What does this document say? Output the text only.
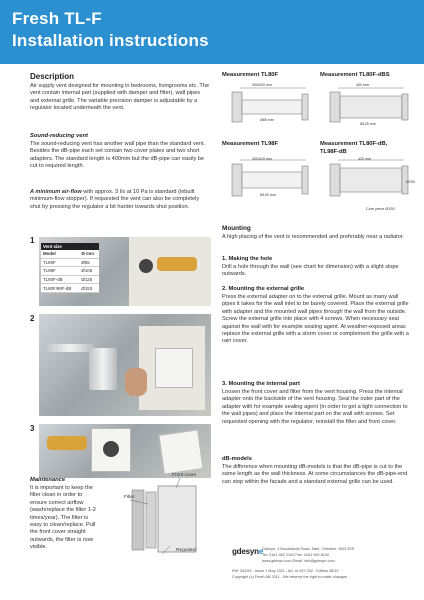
Fresh TL-F
Installation instructions
Description
Air supply vent designed for mounting in bedrooms, livingrooms etc. The vent contain internal part (supplied with damper and filter), wall pipes and external grille. The variable precision damper is adjustable by a regulator located underneath the vent.
Sound-reducing vent
The sound-reducing vent has another wall pipe than the standard vent. Besides the dB-pipe each set contain two cover plates and two short adapters. The standard length is 400mm but the dB-pipe can easily be cut to required length.
A minimum air-flow with approx. 3 l/s at 10 Pa is standard (inbuilt minimum-flow stopper). If requested the vent can also be completely shut by pressing the regulator a bit harder towards shut position.
1
Vent size	
Model	Ø mm
TL80F	Ø85
TL98F	Ø105
TL80F-dB	Ø125
TL80F/98F-dB	Ø153
2
3
Maintenance
It is important to keep the filter clean in order to ensure correct airflow (wash/replace the filter 1-2 times/year). The filter is easy to clean/replace. Pull the front cover straight outwards, the filter is now visible.
Front cover
Filter
Regulator
Measurement TL80F	Measurement TL80F-dBS
300/420 mm	400 mm
Ø85 mm
Ø125 mm
Measurement TL98F	Measurement TL80F-dB,
TL98F-dB
300/420 mm	420 mm
Ø100 mm
Ø150
Core piece Ø150
Mounting
A high placing of the vent is recommended and preferably near a radiator.
1. Making the hole
Drill a hole through the wall (see chart for dimension) with a slight slope outwards.
2. Mounting the external grille
Press the external adapter on to the external grille. Mount as many wall pipes it takes for the wall inlet to be barely covered. Place the external grille with adapter and the mounted wall pipes through the wall from the outside. Screw the external grille into place with 4 screws. When necessary seal against the wall with for example sealing agent. At weather-exposed areas replace the external grille with a storm cover or complement the grille with a rain cover.
3. Mounting the internal part
Loosen the front cover and filter from the vent housing. Press the internal adapter onto the backside of the vent housing. Seal the outer part of the adapter with for example sealing agent (in order to get a tight connection to the wall pipes) and place the internal part on the wall with screws. Set requested opening with the regulator, reinstall the filter and front cover.
dB-models
The difference when mounting dB-models is that the dB-pipe is cut to the same length as the wall thickness. At some circumstances the dB-pipe-end can stop within the facade and a standard external grille can be used.
gdesyne
Gdesyn, 3 Brooklands Road, Sale, Cheshire, M33 3SS
Tel: 0161 962 2102 Fax: 0161 962 8100
www.gdesyn.com Email: info@gdesyn.com
Ref: 34/292 - Issue 1 May 2011 - Art. nr 937 002 - Edition 38/10
Copyright (c) Fresh AB 2011 - We reserve the right to make changes
